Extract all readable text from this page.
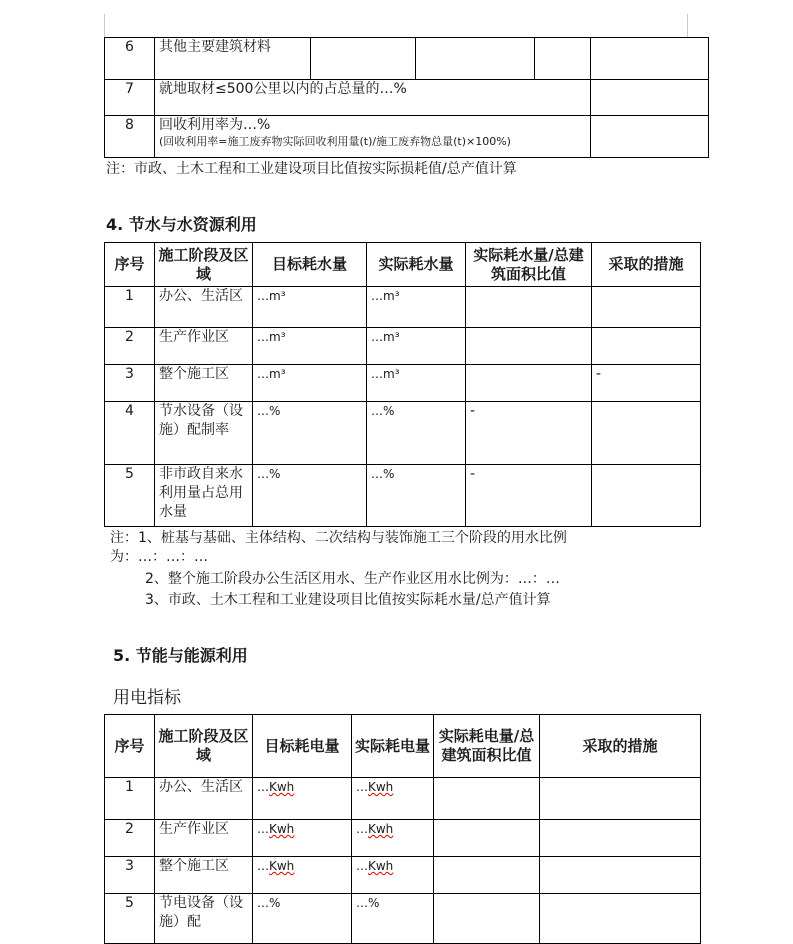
6	其他主要建筑材料				
7	就地取材≤500公里以内的占总量的…%				
8	回收利用率为…%
(回收利用率=施工废弃物实际回收利用量(t)/施工废弃物总量(t)×100%)				

注：市政、土木工程和工业建设项目比值按实际损耗值/总产值计算
4. 节水与水资源利用
序号	施工阶段及区域	目标耗水量	实际耗水量	实际耗水量/总建筑面积比值	采取的措施
1	办公、生活区	…m³	…m³		
2	生产作业区	…m³	…m³		
3	整个施工区	…m³	…m³		-
4	节水设备（设施）配制率	…%	…%	-	
5	非市政自来水利用量占总用水量	…%	…%	-	
注：1、桩基与基础、主体结构、二次结构与装饰施工三个阶段的用水比例
为：…：…：…
2、整个施工阶段办公生活区用水、生产作业区用水比例为：…：…
3、市政、土木工程和工业建设项目比值按实际耗水量/总产值计算
5. 节能与能源利用
用电指标
序号	施工阶段及区域	目标耗电量	实际耗电量	实际耗电量/总建筑面积比值	采取的措施
1	办公、生活区	…Kwh	…Kwh		
2	生产作业区	…Kwh	…Kwh		
3	整个施工区	…Kwh	…Kwh		
5	节电设备（设施）配	…%	…%		
